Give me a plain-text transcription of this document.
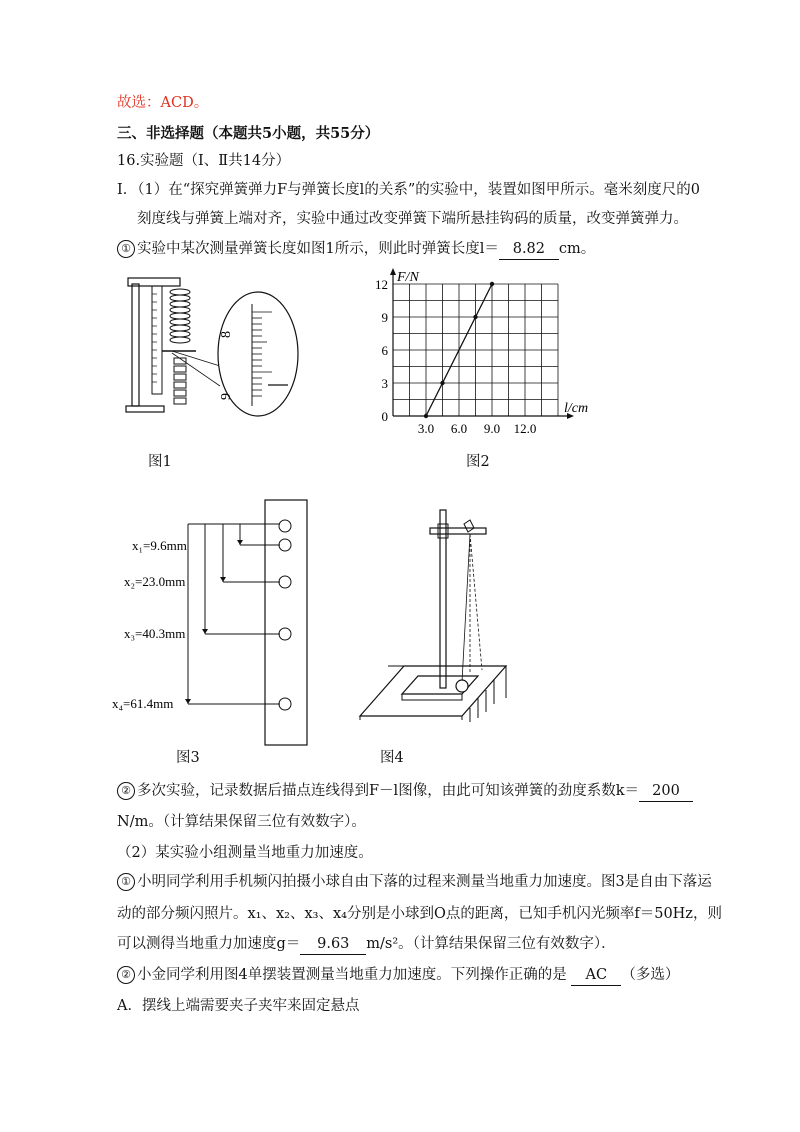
故选：ACD。
三、非选择题（本题共5小题，共55分）
16.实验题（Ⅰ、Ⅱ共14分）
Ⅰ．（1）在“探究弹簧弹力F与弹簧长度l的关系”的实验中，装置如图甲所示。毫米刻度尺的0
刻度线与弹簧上端对齐，实验中通过改变弹簧下端所悬挂钩码的质量，改变弹簧弹力。
① 实验中某次测量弹簧长度如图1所示，则此时弹簧长度l＝ 8.82 cm。
8
9
图1
F/N
l/cm
0
3
6
9
12
3.0 6.0 9.0 12.0
图2
x₁=9.6mm
x₂=23.0mm
x₃=40.3mm
x₄=61.4mm
图3	图4
② 多次实验，记录数据后描点连线得到F－l图像，由此可知该弹簧的劲度系数k＝ 200
N/m。（计算结果保留三位有效数字）。
（2）某实验小组测量当地重力加速度。
① 小明同学利用手机频闪拍摄小球自由下落的过程来测量当地重力加速度。图3是自由下落运
动的部分频闪照片。x₁、x₂、x₃、x₄分别是小球到O点的距离，已知手机闪光频率f＝50Hz，则
可以测得当地重力加速度g＝ 9.63 m/s²。（计算结果保留三位有效数字）．
② 小金同学利用图4单摆装置测量当地重力加速度。下列操作正确的是 AC （多选）
A．摆线上端需要夹子夹牢来固定悬点
